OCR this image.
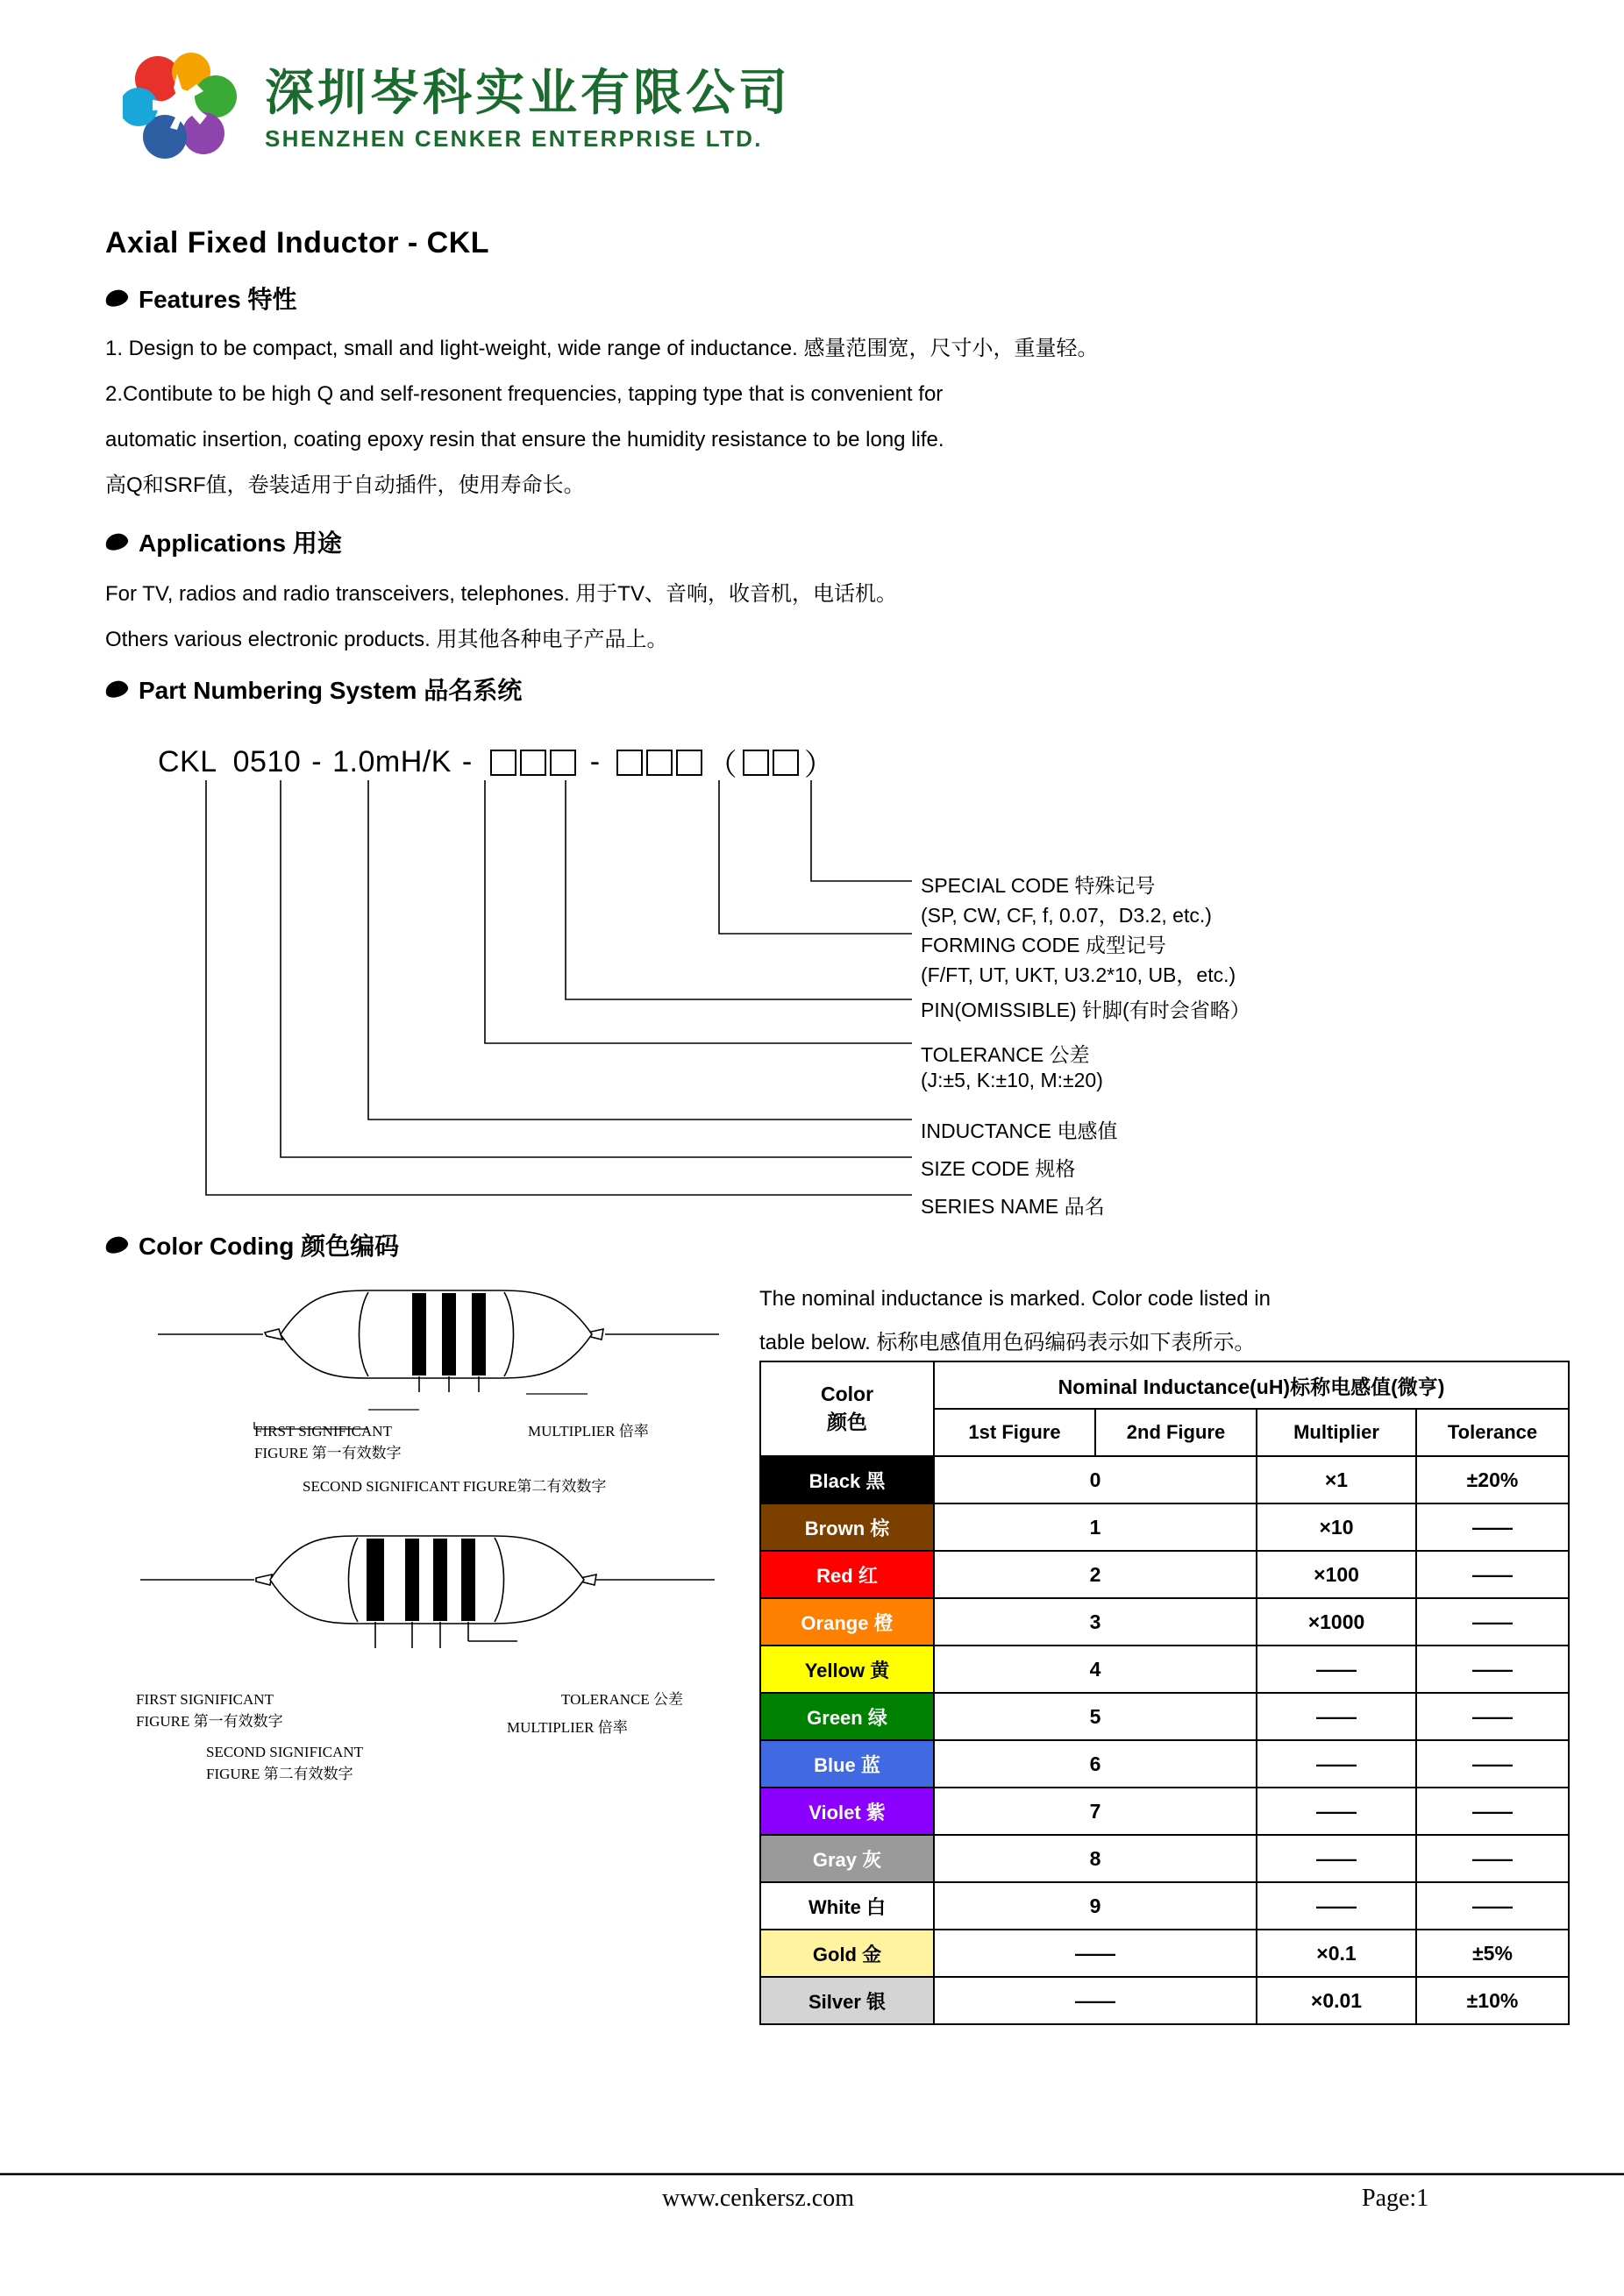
深圳岑科实业有限公司
SHENZHEN CENKER ENTERPRISE LTD.
Axial Fixed Inductor - CKL
Features 特性
1. Design to be compact, small and light-weight, wide range of inductance. 感量范围宽，尺寸小，重量轻。
2.Contibute to be high Q and self-resonent frequencies, tapping type that is convenient for
automatic insertion, coating epoxy resin that ensure the humidity resistance to be long life.
高Q和SRF值，卷装适用于自动插件，使用寿命长。
Applications 用途
For TV, radios and radio transceivers, telephones. 用于TV、音响，收音机，电话机。
Others various electronic products. 用其他各种电子产品上。
Part Numbering System 品名系统
CKL 0510 - 1.0mH/K -	-	（ ）
SPECIAL CODE 特殊记号
(SP, CW, CF, f, 0.07，D3.2, etc.)
FORMING CODE 成型记号
(F/FT, UT, UKT, U3.2*10, UB，etc.)
PIN(OMISSIBLE) 针脚(有时会省略）
TOLERANCE 公差
(J:±5, K:±10, M:±20)
INDUCTANCE 电感值
SIZE CODE 规格
SERIES NAME 品名
Color Coding 颜色编码
The nominal inductance is marked. Color code listed in
table below. 标称电感值用色码编码表示如下表所示。
FIRST SIGNIFICANT
FIGURE 第一有效数字
SECOND SIGNIFICANT FIGURE第二有效数字
MULTIPLIER 倍率
FIRST SIGNIFICANT
FIGURE 第一有效数字
SECOND SIGNIFICANT
FIGURE 第二有效数字
MULTIPLIER 倍率
TOLERANCE 公差
Color
颜色	Nominal Inductance(uH)标称电感值(微亨)			
	1st Figure	2nd Figure	Multiplier	Tolerance
Black 黑	0		×1	±20%
Brown 棕	1		×10	——
Red 红	2		×100	——
Orange 橙	3		×1000	——
Yellow 黄	4		——	——
Green 绿	5		——	——
Blue 蓝	6		——	——
Violet 紫	7		——	——
Gray 灰	8		——	——
White 白	9		——	——
Gold 金	——		×0.1	±5%
Silver 银	——		×0.01	±10%
www.cenkersz.com	Page:1
